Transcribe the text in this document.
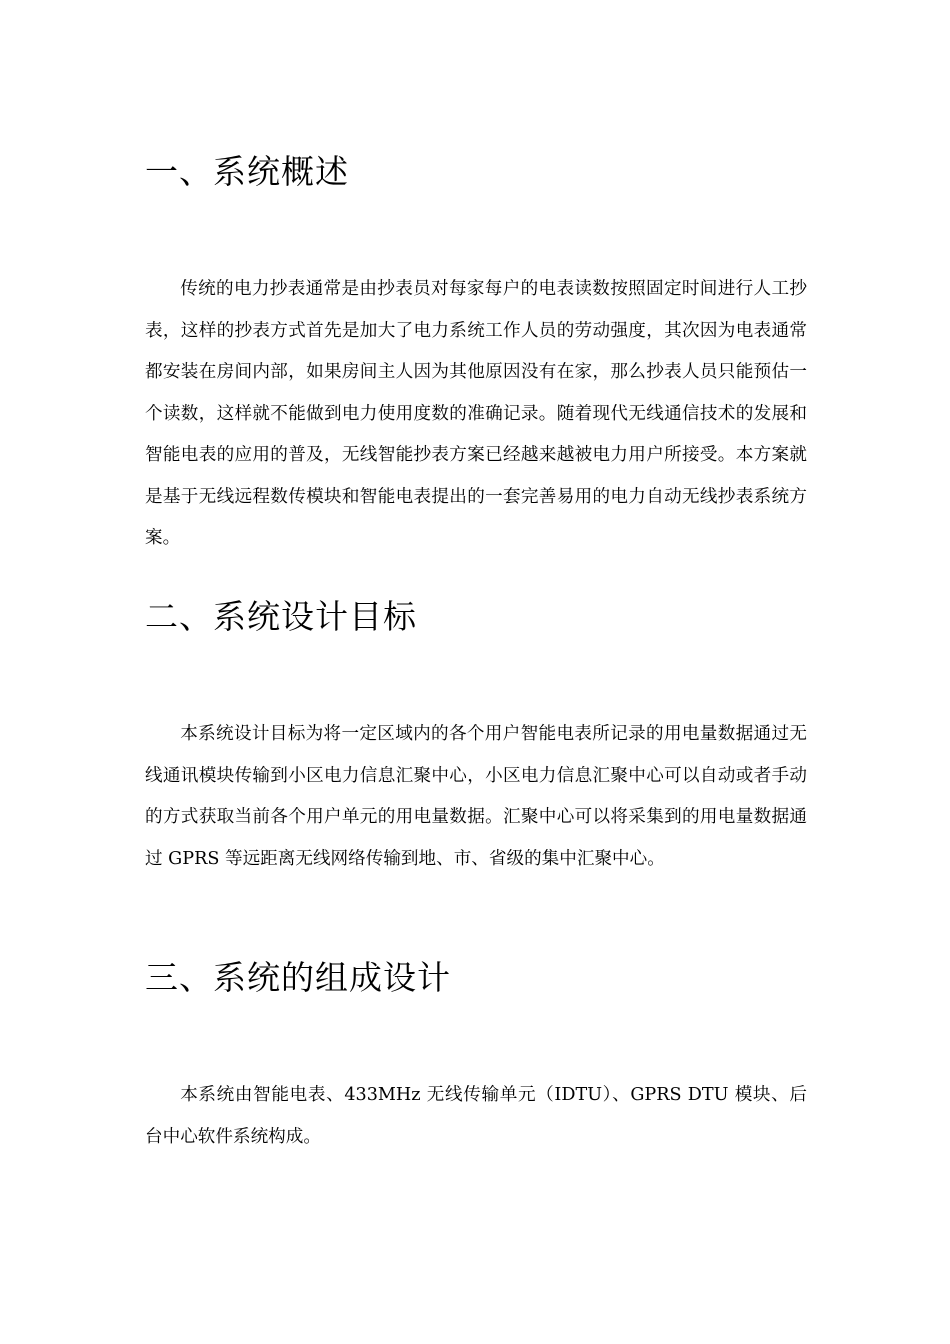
一、系统概述

传统的电力抄表通常是由抄表员对每家每户的电表读数按照固定时间进行人工抄表，这样的抄表方式首先是加大了电力系统工作人员的劳动强度，其次因为电表通常都安装在房间内部，如果房间主人因为其他原因没有在家，那么抄表人员只能预估一个读数，这样就不能做到电力使用度数的准确记录。随着现代无线通信技术的发展和智能电表的应用的普及，无线智能抄表方案已经越来越被电力用户所接受。本方案就是基于无线远程数传模块和智能电表提出的一套完善易用的电力自动无线抄表系统方案。

二、系统设计目标

本系统设计目标为将一定区域内的各个用户智能电表所记录的用电量数据通过无线通讯模块传输到小区电力信息汇聚中心，小区电力信息汇聚中心可以自动或者手动的方式获取当前各个用户单元的用电量数据。汇聚中心可以将采集到的用电量数据通过 GPRS 等远距离无线网络传输到地、市、省级的集中汇聚中心。

三、系统的组成设计

本系统由智能电表、433MHz 无线传输单元（IDTU）、GPRS DTU 模块、后台中心软件系统构成。
